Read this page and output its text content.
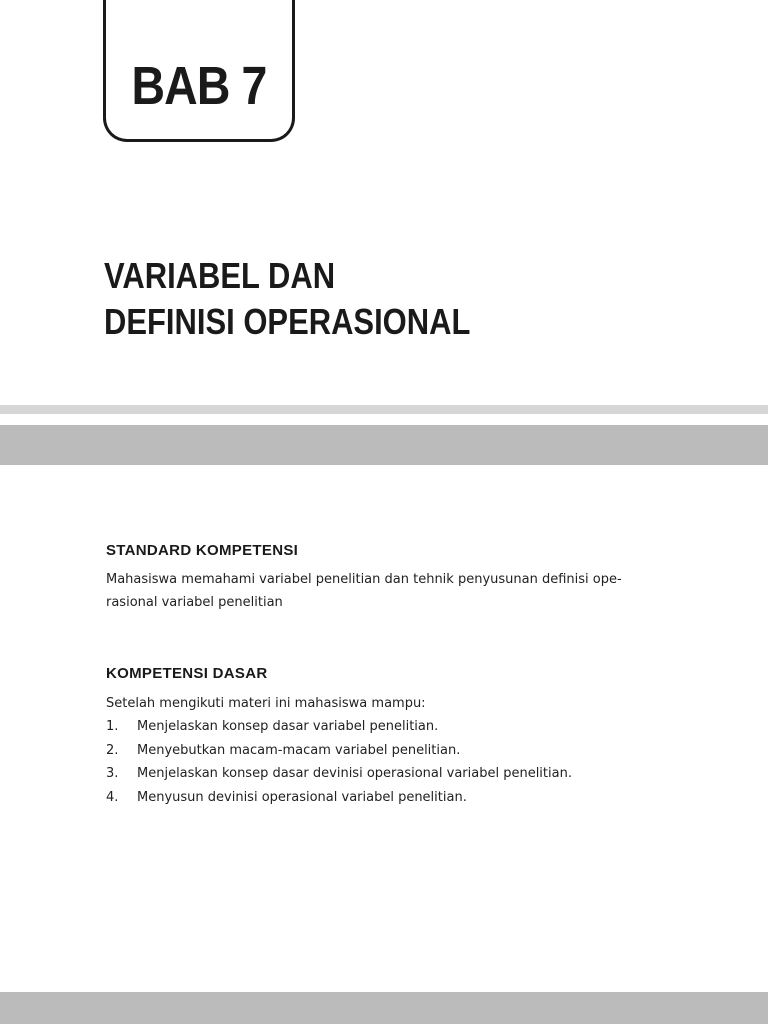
BAB 7
VARIABEL DAN
DEFINISI OPERASIONAL
STANDARD KOMPETENSI

Mahasiswa memahami variabel penelitian dan tehnik penyusunan definisi ope-
rasional variabel penelitian

KOMPETENSI DASAR

Setelah mengikuti materi ini mahasiswa mampu:

1.	Menjelaskan konsep dasar variabel penelitian.
2.	Menyebutkan macam-macam variabel penelitian.
3.	Menjelaskan konsep dasar devinisi operasional variabel penelitian.
4.	Menyusun devinisi operasional variabel penelitian.
